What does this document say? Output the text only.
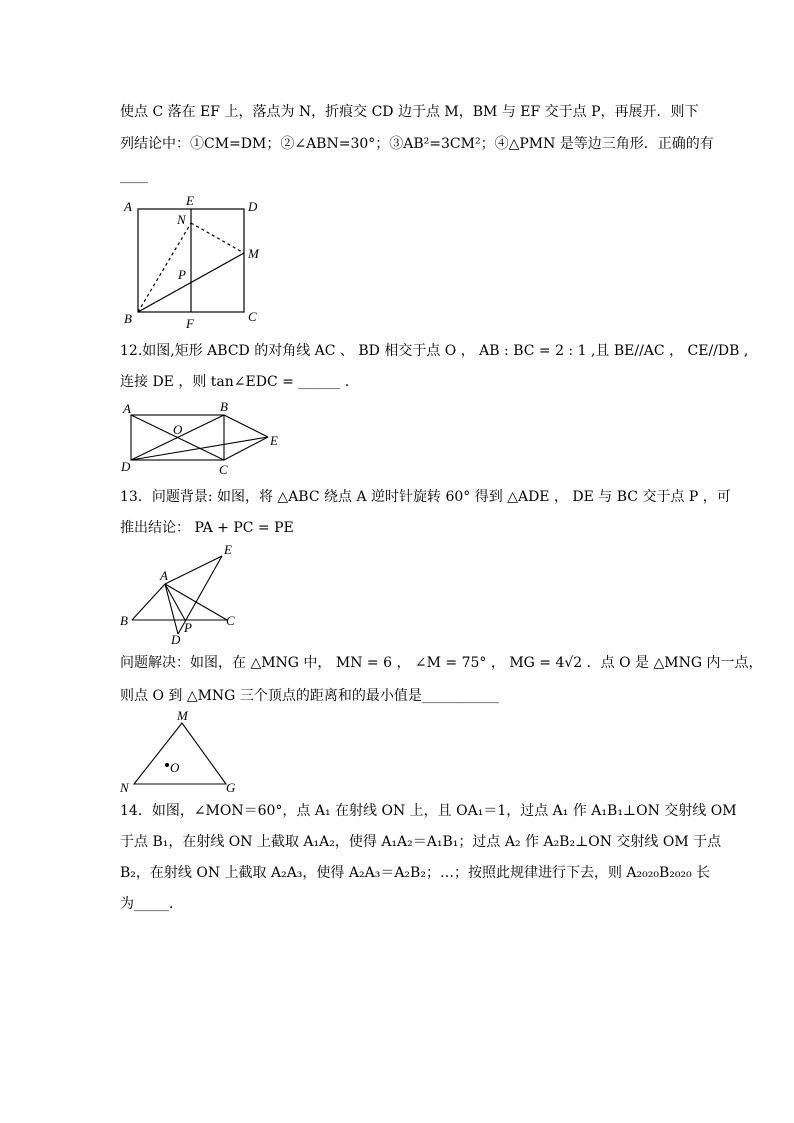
使点 C 落在 EF 上，落点为 N，折痕交 CD 边于点 M，BM 与 EF 交于点 P，再展开．则下
列结论中：①CM=DM；②∠ABN=30°；③AB²=3CM²；④△PMN 是等边三角形．正确的有
____
A	E	D
N
M
P
B	F	C
12.如图,矩形 ABCD 的对角线 AC 、 BD 相交于点 O ， AB : BC = 2 : 1 ,且 BE//AC ， CE//DB ,
连接 DE ，则 tan∠EDC = ______ .
A	B
O
E
D	C
13．问题背景: 如图，将 △ABC 绕点 A 逆时针旋转 60° 得到 △ADE ， DE 与 BC 交于点 P ，可
推出结论： PA + PC = PE
A
E
B	C
D
P
问题解决：如图，在 △MNG 中， MN = 6 ， ∠M = 75° ， MG = 4√2 ．点 O 是 △MNG 内一点，
则点 O 到 △MNG 三个顶点的距离和的最小值是___________
M
O
N	G
14．如图，∠MON＝60°，点 A₁ 在射线 ON 上，且 OA₁＝1，过点 A₁ 作 A₁B₁⊥ON 交射线 OM
于点 B₁，在射线 ON 上截取 A₁A₂，使得 A₁A₂＝A₁B₁；过点 A₂ 作 A₂B₂⊥ON 交射线 OM 于点
B₂，在射线 ON 上截取 A₂A₃，使得 A₂A₃＝A₂B₂；…；按照此规律进行下去，则 A₂₀₂₀B₂₀₂₀ 长
为_____．
